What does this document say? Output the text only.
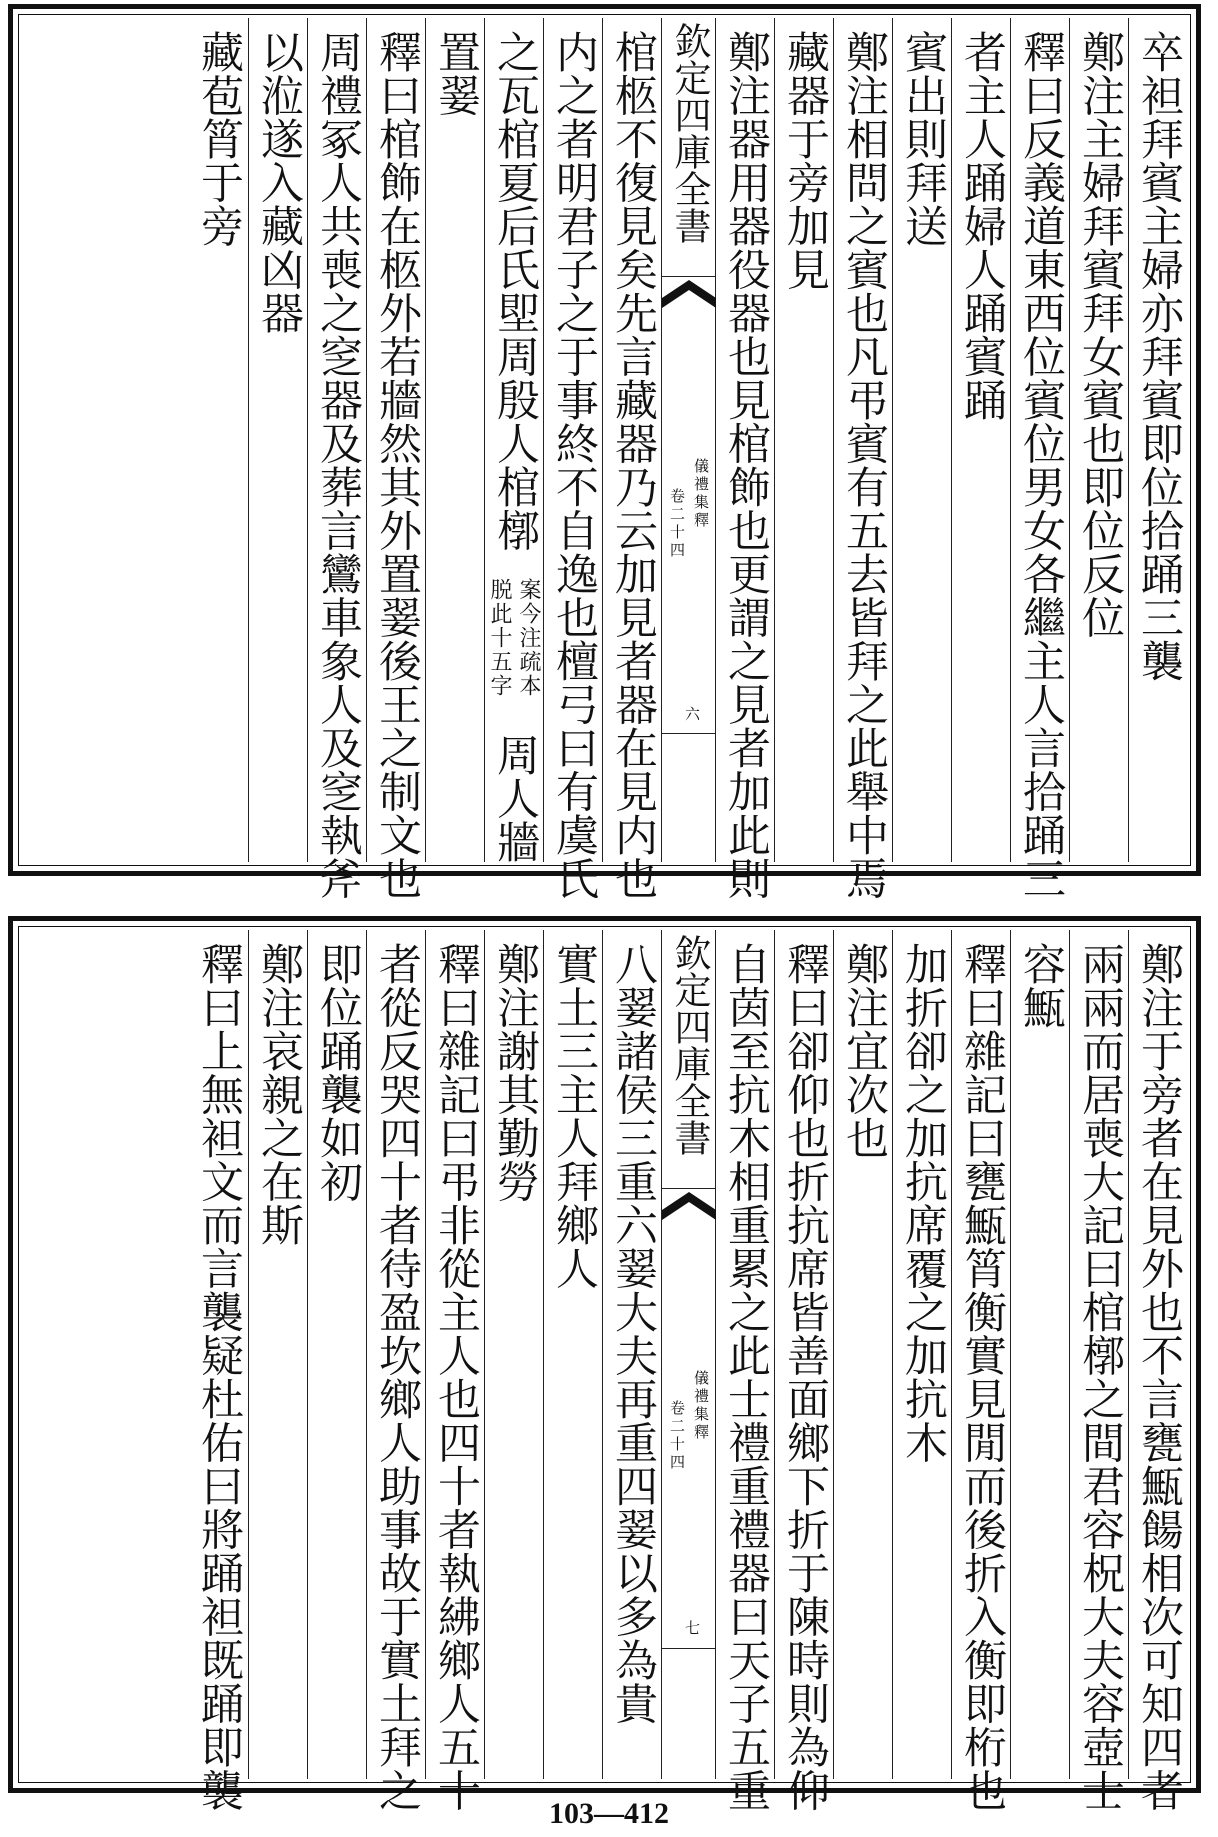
卒袒拜賓主婦亦拜賓即位拾踊三襲
鄭注主婦拜賓拜女賓也即位反位
釋曰反義道東西位賓位男女各繼主人言拾踊三
者主人踊婦人踊賓踊
賓出則拜送
鄭注相問之賓也凡弔賓有五去皆拜之此舉中焉
藏器于旁加見
鄭注器用器役器也見棺飾也更謂之見者加此則
欽定四庫全書
儀禮集釋
卷二十四
六
棺柩不復見矣先言藏器乃云加見者器在見内也
内之者明君子之于事終不自逸也檀弓曰有虞氏
之瓦棺夏后氏堲周殷人棺槨
案今注疏本
脱此十五字
周人牆
置翣
釋曰棺飾在柩外若牆然其外置翣後王之制文也
周禮冢人共喪之窆器及葬言鸞車象人及窆執斧
以涖遂入藏凶器
藏苞筲于旁
鄭注于旁者在見外也不言甕甒餳相次可知四者
兩兩而居喪大記曰棺槨之間君容柷大夫容壺士
容甒
釋曰雜記曰甕甒筲衡實見閒而後折入衡即桁也
加折卻之加抗席覆之加抗木
鄭注宜次也
釋曰卻仰也折抗席皆善面鄉下折于陳時則為仰
自茵至抗木相重累之此士禮重禮器曰天子五重
欽定四庫全書
儀禮集釋
卷二十四
七
八翣諸侯三重六翣大夫再重四翣以多為貴
實土三主人拜鄉人
鄭注謝其勤勞
釋曰雜記曰弔非從主人也四十者執紼鄉人五十
者從反哭四十者待盈坎鄉人助事故于實土拜之
即位踊襲如初
鄭注哀親之在斯
釋曰上無袒文而言襲疑杜佑曰將踊袒既踊即襲
103—412
